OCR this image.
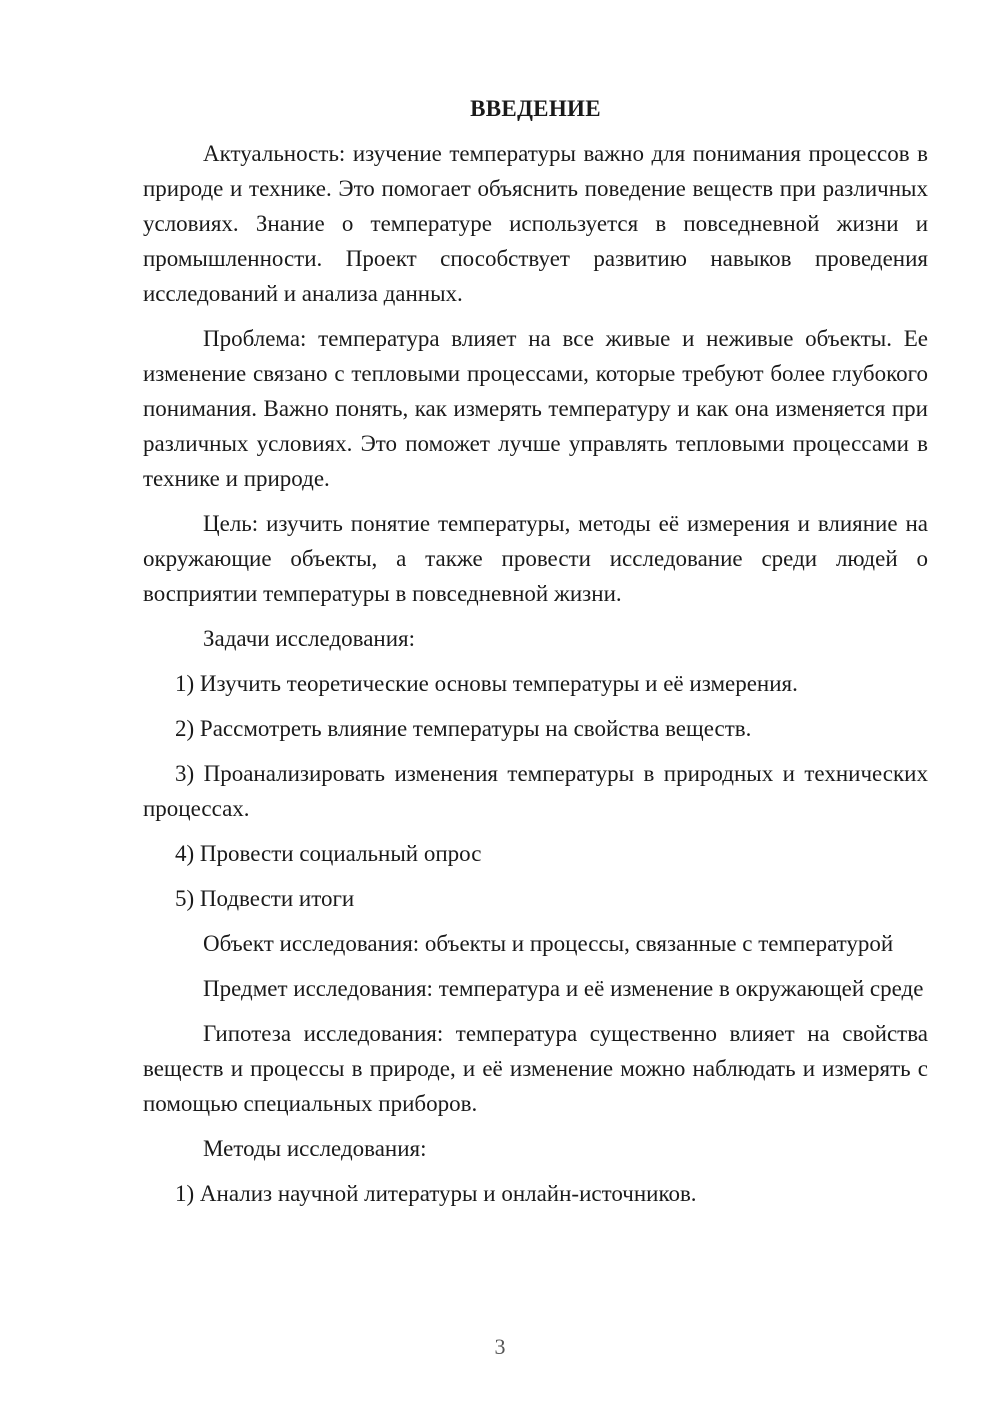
ВВЕДЕНИЕ

Актуальность: изучение температуры важно для понимания процессов в природе и технике. Это помогает объяснить поведение веществ при различных условиях. Знание о температуре используется в повседневной жизни и промышленности. Проект способствует развитию навыков проведения исследований и анализа данных.

Проблема: температура влияет на все живые и неживые объекты. Ее изменение связано с тепловыми процессами, которые требуют более глубокого понимания. Важно понять, как измерять температуру и как она изменяется при различных условиях. Это поможет лучше управлять тепловыми процессами в технике и природе.

Цель: изучить понятие температуры, методы её измерения и влияние на окружающие объекты, а также провести исследование среди людей о восприятии температуры в повседневной жизни.

Задачи исследования:

1) Изучить теоретические основы температуры и её измерения.

2) Рассмотреть влияние температуры на свойства веществ.

3) Проанализировать изменения температуры в природных и технических процессах.

4) Провести социальный опрос

5) Подвести итоги

Объект исследования: объекты и процессы, связанные с температурой

Предмет исследования: температура и её изменение в окружающей среде

Гипотеза исследования: температура существенно влияет на свойства веществ и процессы в природе, и её изменение можно наблюдать и измерять с помощью специальных приборов.

Методы исследования:

1) Анализ научной литературы и онлайн-источников.

3
